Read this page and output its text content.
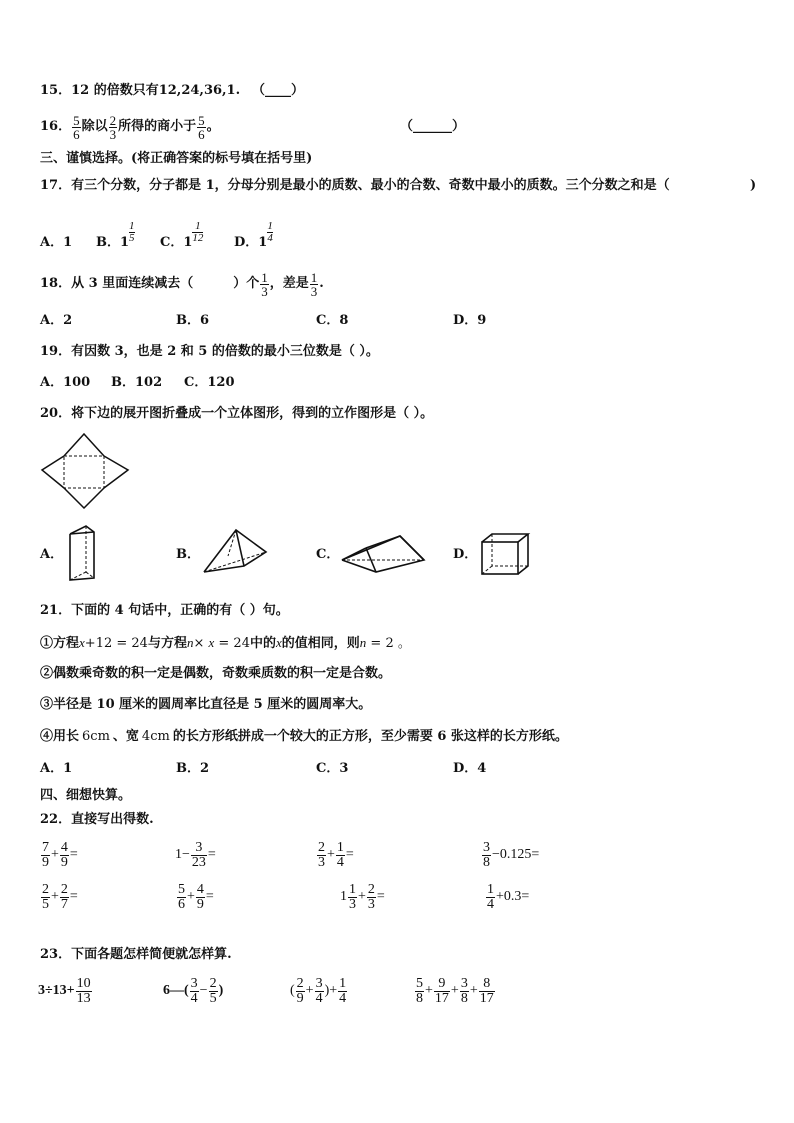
15．12 的倍数只有12,24,36,1. （____）
16． $\frac{5}{6}$ 除以 $\frac{2}{3}$ 所得的商小于 $\frac{5}{6}$ 。	（______）
三、谨慎选择。(将正确答案的标号填在括号里)
17．有三个分数，分子都是 1，分母分别是最小的质数、最小的合数、奇数中最小的质数。三个分数之和是（	)
A．1 B． $1 \frac{1}{5}$ C． $1 \frac{1}{12}$ D． $1 \frac{1}{4}$
18． 从 3 里面连续减去（	）个 $\frac{1}{3}$ ，差是 $\frac{1}{3}$ .
A．2	B．6	C．8	D．9
19．有因数 3，也是 2 和 5 的倍数的最小三位数是（ ）。
A．100 B．102 C．120
20．将下边的展开图折叠成一个立体图形，得到的立作图形是（ ）。
A．	B．	C．	D．
21．下面的 4 句话中，正确的有（ ）句。
①方程x+12 = 24与方程n× x = 24中的x的值相同，则n = 2 。
②偶数乘奇数的积一定是偶数，奇数乘质数的积一定是合数。
③半径是 10 厘米的圆周率比直径是 5 厘米的圆周率大。
④用长 6cm 、宽 4cm 的长方形纸拼成一个较大的正方形，至少需要 6 张这样的长方形纸。
A．1	B．2	C．3	D．4
四、细想快算。
22．直接写出得数.
$\frac{7}{9} + \frac{4}{9}$ =	$1- \frac{3}{23}$ =	$\frac{2}{3} + \frac{1}{4}$ =	$\frac{3}{8} -0.125$ =
$\frac{2}{5} + \frac{2}{7}$ =	$\frac{5}{6} + \frac{4}{9}$ =	$1 \frac{1}{3} + \frac{2}{3}$ =	$\frac{1}{4} +0.3$ =
23．下面各题怎样简便就怎样算.
$3\div 13+ \frac{10}{13}$	6—( $\frac{3}{4} - \frac{2}{5}$ )	( $\frac{2}{9} + \frac{3}{4}$ )+ $\frac{1}{4}$	$\frac{5}{8} + \frac{9}{17} + \frac{3}{8} + \frac{8}{17}$
